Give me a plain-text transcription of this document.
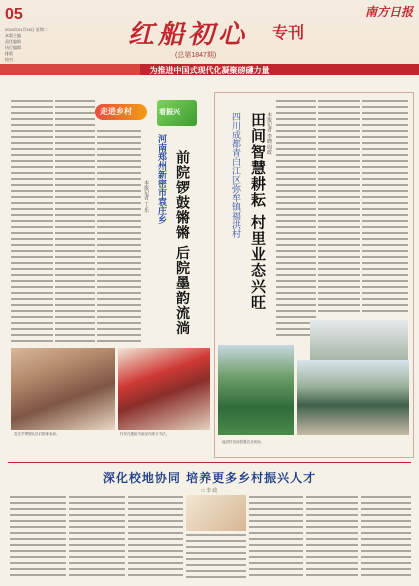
05
2024年01月16日 星期二
本版主编
责任编辑
执行编辑
排版
校对
南方日报
红船初心 专刊
(总第1847期)
为推进中国式现代化凝聚磅礴力量
走进乡村	看振兴
河南郑州新密市袁庄乡 前院锣鼓锵锵 后院墨韵流淌
本报记者 丁 乐
袁庄乡锣鼓队员们排练表演。	村民在墨韵书画室内练习书法。
四川成都青白江区弥牟镇福洪村 田间智慧耕耘 村里业态兴旺 本报记者 李晓 周政
福洪村田间智慧农业现场。
深化校地协同 培养更多乡村振兴人才
□ 李 政
